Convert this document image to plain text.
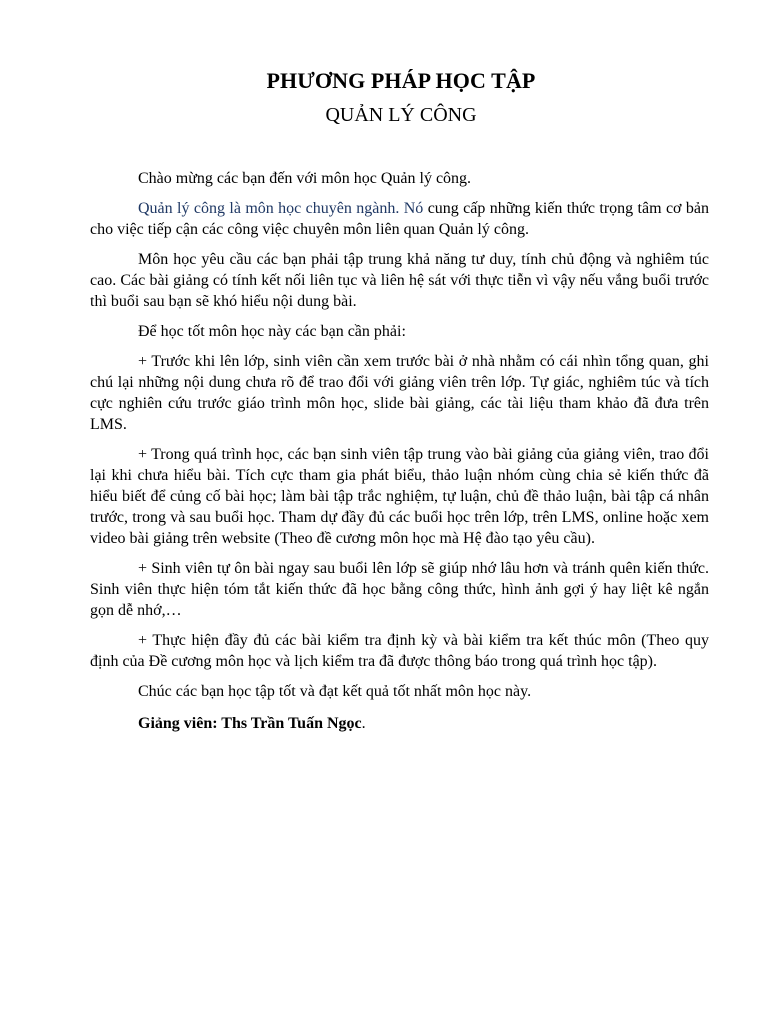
PHƯƠNG PHÁP HỌC TẬP
QUẢN LÝ CÔNG

Chào mừng các bạn đến với môn học Quản lý công.

Quản lý công là môn học chuyên ngành. Nó cung cấp những kiến thức trọng tâm cơ bản cho việc tiếp cận các công việc chuyên môn liên quan Quản lý công.

Môn học yêu cầu các bạn phải tập trung khả năng tư duy, tính chủ động và nghiêm túc cao. Các bài giảng có tính kết nối liên tục và liên hệ sát với thực tiễn vì vậy nếu vắng buổi trước thì buổi sau bạn sẽ khó hiểu nội dung bài.

Để học tốt môn học này các bạn cần phải:

+ Trước khi lên lớp, sinh viên cần xem trước bài ở nhà nhằm có cái nhìn tổng quan, ghi chú lại những nội dung chưa rõ để trao đổi với giảng viên trên lớp. Tự giác, nghiêm túc và tích cực nghiên cứu trước giáo trình môn học, slide bài giảng, các tài liệu tham khảo đã đưa trên LMS.

+ Trong quá trình học, các bạn sinh viên tập trung vào bài giảng của giảng viên, trao đổi lại khi chưa hiểu bài. Tích cực tham gia phát biểu, thảo luận nhóm cùng chia sẻ kiến thức đã hiểu biết để củng cố bài học; làm bài tập trắc nghiệm, tự luận, chủ đề thảo luận, bài tập cá nhân trước, trong và sau buổi học. Tham dự đầy đủ các buổi học trên lớp, trên LMS, online hoặc xem video bài giảng trên website (Theo đề cương môn học mà Hệ đào tạo yêu cầu).

+ Sinh viên tự ôn bài ngay sau buổi lên lớp sẽ giúp nhớ lâu hơn và tránh quên kiến thức. Sinh viên thực hiện tóm tắt kiến thức đã học bằng công thức, hình ảnh gợi ý hay liệt kê ngắn gọn dễ nhớ,…

+ Thực hiện đầy đủ các bài kiểm tra định kỳ và bài kiểm tra kết thúc môn (Theo quy định của Đề cương môn học và lịch kiểm tra đã được thông báo trong quá trình học tập).

Chúc các bạn học tập tốt và đạt kết quả tốt nhất môn học này.

Giảng viên: Ths Trần Tuấn Ngọc.
